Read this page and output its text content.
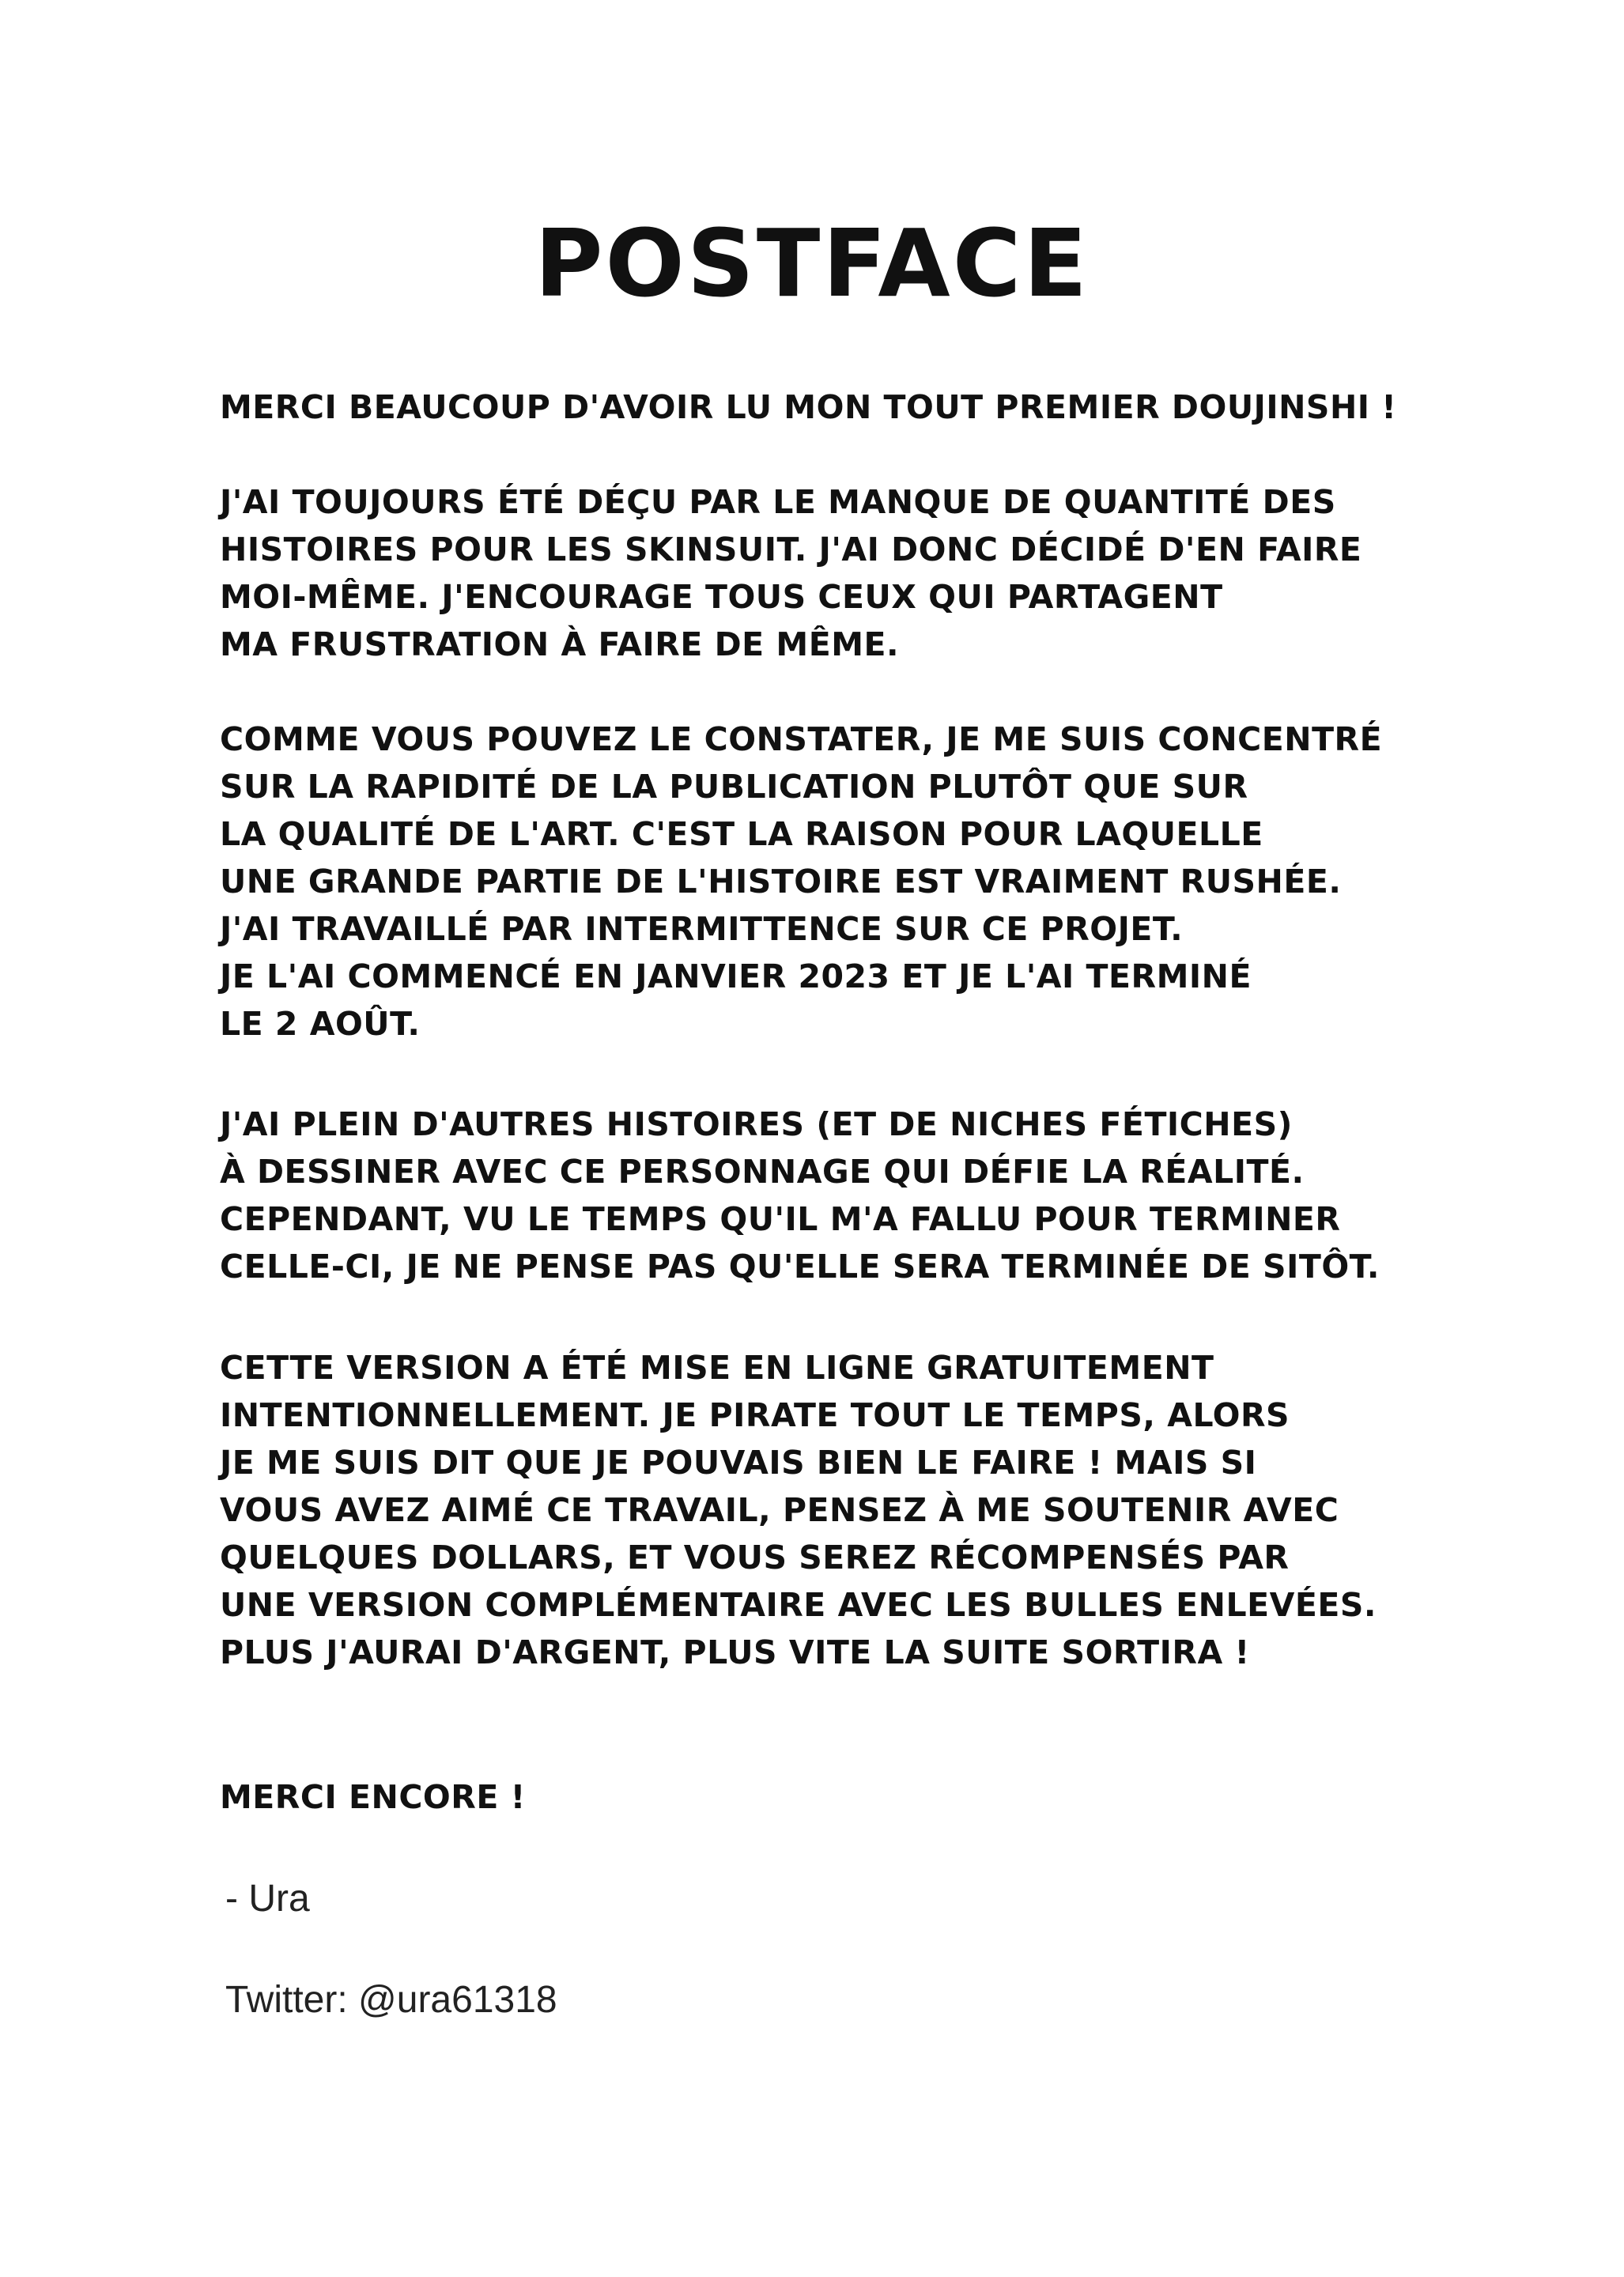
POSTFACE
MERCI BEAUCOUP D'AVOIR LU MON TOUT PREMIER DOUJINSHI !
J'AI TOUJOURS ÉTÉ DÉÇU PAR LE MANQUE DE QUANTITÉ DES
HISTOIRES POUR LES SKINSUIT. J'AI DONC DÉCIDÉ D'EN FAIRE
MOI-MÊME. J'ENCOURAGE TOUS CEUX QUI PARTAGENT
MA FRUSTRATION À FAIRE DE MÊME.
COMME VOUS POUVEZ LE CONSTATER, JE ME SUIS CONCENTRÉ
SUR LA RAPIDITÉ DE LA PUBLICATION PLUTÔT QUE SUR
LA QUALITÉ DE L'ART. C'EST LA RAISON POUR LAQUELLE
UNE GRANDE PARTIE DE L'HISTOIRE EST VRAIMENT RUSHÉE.
J'AI TRAVAILLÉ PAR INTERMITTENCE SUR CE PROJET.
JE L'AI COMMENCÉ EN JANVIER 2023 ET JE L'AI TERMINÉ
LE 2 AOÛT.
J'AI PLEIN D'AUTRES HISTOIRES (ET DE NICHES FÉTICHES)
À DESSINER AVEC CE PERSONNAGE QUI DÉFIE LA RÉALITÉ.
CEPENDANT, VU LE TEMPS QU'IL M'A FALLU POUR TERMINER
CELLE-CI, JE NE PENSE PAS QU'ELLE SERA TERMINÉE DE SITÔT.
CETTE VERSION A ÉTÉ MISE EN LIGNE GRATUITEMENT
INTENTIONNELLEMENT. JE PIRATE TOUT LE TEMPS, ALORS
JE ME SUIS DIT QUE JE POUVAIS BIEN LE FAIRE ! MAIS SI
VOUS AVEZ AIMÉ CE TRAVAIL, PENSEZ À ME SOUTENIR AVEC
QUELQUES DOLLARS, ET VOUS SEREZ RÉCOMPENSÉS PAR
UNE VERSION COMPLÉMENTAIRE AVEC LES BULLES ENLEVÉES.
PLUS J'AURAI D'ARGENT, PLUS VITE LA SUITE SORTIRA !
MERCI ENCORE !

- Ura

Twitter: @ura61318
